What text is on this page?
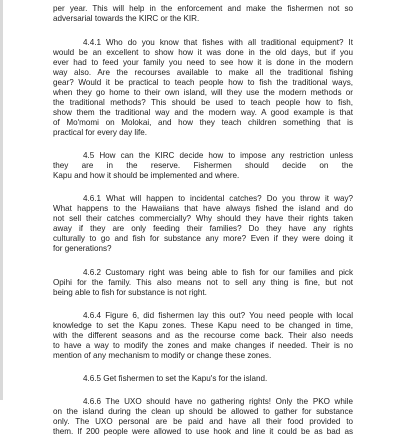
per year. This will help in the enforcement and make the fishermen not so
adversarial towards the KIRC or the KIR.
4.4.1 Who do you know that fishes with all traditional equipment? It
would be an excellent to show how it was done in the old days, but if you
ever had to feed your family you need to see how it is done in the modern
way also. Are the recourses available to make all the traditional fishing
gear? Would it be practical to teach people how to fish the traditional ways,
when they go home to their own island, will they use the modern methods or
the traditional methods? This should be used to teach people how to fish,
show them the traditional way and the modern way. A good example is that
of Mo'momi on Molokai, and how they teach children something that is
practical for every day life.
4.5 How can the KIRC decide how to impose any restriction unless
they are in the reserve. Fishermen should decide on the
Kapu and how it should be implemented and where.
4.6.1 What will happen to incidental catches? Do you throw it way?
What happens to the Hawaiians that have always fished the island and do
not sell their catches commercially? Why should they have their rights taken
away if they are only feeding their families? Do they have any rights
culturally to go and fish for substance any more? Even if they were doing it
for generations?
4.6.2 Customary right was being able to fish for our families and pick
Opihi for the family. This also means not to sell any thing is fine, but not
being able to fish for substance is not right.
4.6.4 Figure 6, did fishermen lay this out? You need people with local
knowledge to set the Kapu zones. These Kapu need to be changed in time,
with the different seasons and as the recourse come back. Their also needs
to have a way to modify the zones and make changes if needed. Their is no
mention of any mechanism to modify or change these zones.
4.6.5 Get fishermen to set the Kapu's for the island.
4.6.6 The UXO should have no gathering rights! Only the PKO while
on the island during the clean up should be allowed to gather for substance
only. The UXO personal are be paid and have all their food provided to
them. If 200 people were allowed to use hook and line it could be as bad as
